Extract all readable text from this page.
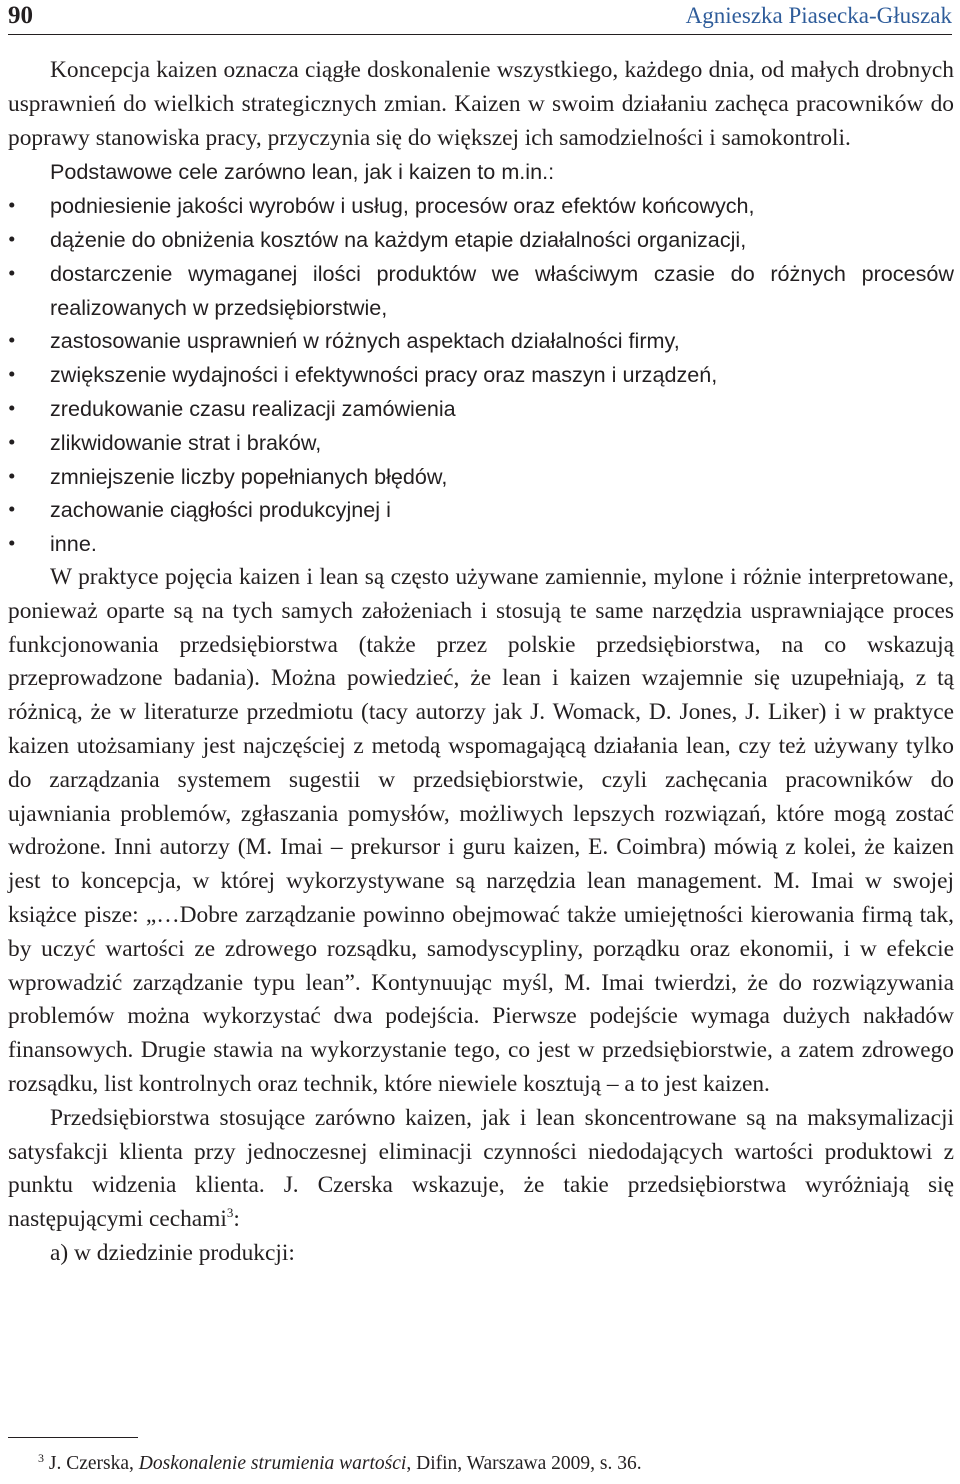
90	Agnieszka Piasecka-Głuszak

Koncepcja kaizen oznacza ciągłe doskonalenie wszystkiego, każdego dnia, od małych drobnych usprawnień do wielkich strategicznych zmian. Kaizen w swoim działaniu zachęca pracowników do poprawy stanowiska pracy, przyczynia się do większej ich samodzielności i samokontroli.

Podstawowe cele zarówno lean, jak i kaizen to m.in.:

• podniesienie jakości wyrobów i usług, procesów oraz efektów końcowych,
• dążenie do obniżenia kosztów na każdym etapie działalności organizacji,
• dostarczenie wymaganej ilości produktów we właściwym czasie do różnych procesów realizowanych w przedsiębiorstwie,
• zastosowanie usprawnień w różnych aspektach działalności firmy,
• zwiększenie wydajności i efektywności pracy oraz maszyn i urządzeń,
• zredukowanie czasu realizacji zamówienia
• zlikwidowanie strat i braków,
• zmniejszenie liczby popełnianych błędów,
• zachowanie ciągłości produkcyjnej i
• inne.

W praktyce pojęcia kaizen i lean są często używane zamiennie, mylone i różnie interpretowane, ponieważ oparte są na tych samych założeniach i stosują te same narzędzia usprawniające proces funkcjonowania przedsiębiorstwa (także przez polskie przedsiębiorstwa, na co wskazują przeprowadzone badania). Można powiedzieć, że lean i kaizen wzajemnie się uzupełniają, z tą różnicą, że w literaturze przedmiotu (tacy autorzy jak J. Womack, D. Jones, J. Liker) i w praktyce kaizen utożsamiany jest najczęściej z metodą wspomagającą działania lean, czy też używany tylko do zarządzania systemem sugestii w przedsiębiorstwie, czyli zachęcania pracowników do ujawniania problemów, zgłaszania pomysłów, możliwych lepszych rozwiązań, które mogą zostać wdrożone. Inni autorzy (M. Imai – prekursor i guru kaizen, E. Coimbra) mówią z kolei, że kaizen jest to koncepcja, w której wykorzystywane są narzędzia lean management. M. Imai w swojej książce pisze: „…Dobre zarządzanie powinno obejmować także umiejętności kierowania firmą tak, by uczyć wartości ze zdrowego rozsądku, samodyscypliny, porządku oraz ekonomii, i w efekcie wprowadzić zarządzanie typu lean”. Kontynuując myśl, M. Imai twierdzi, że do rozwiązywania problemów można wykorzystać dwa podejścia. Pierwsze podejście wymaga dużych nakładów finansowych. Drugie stawia na wykorzystanie tego, co jest w przedsiębiorstwie, a zatem zdrowego rozsądku, list kontrolnych oraz technik, które niewiele kosztują – a to jest kaizen.

Przedsiębiorstwa stosujące zarówno kaizen, jak i lean skoncentrowane są na maksymalizacji satysfakcji klienta przy jednoczesnej eliminacji czynności niedodających wartości produktowi z punktu widzenia klienta. J. Czerska wskazuje, że takie przedsiębiorstwa wyróżniają się następującymi cechami$^3$:

a) w dziedzinie produkcji:

$^3$ J. Czerska, Doskonalenie strumienia wartości, Difin, Warszawa 2009, s. 36.
